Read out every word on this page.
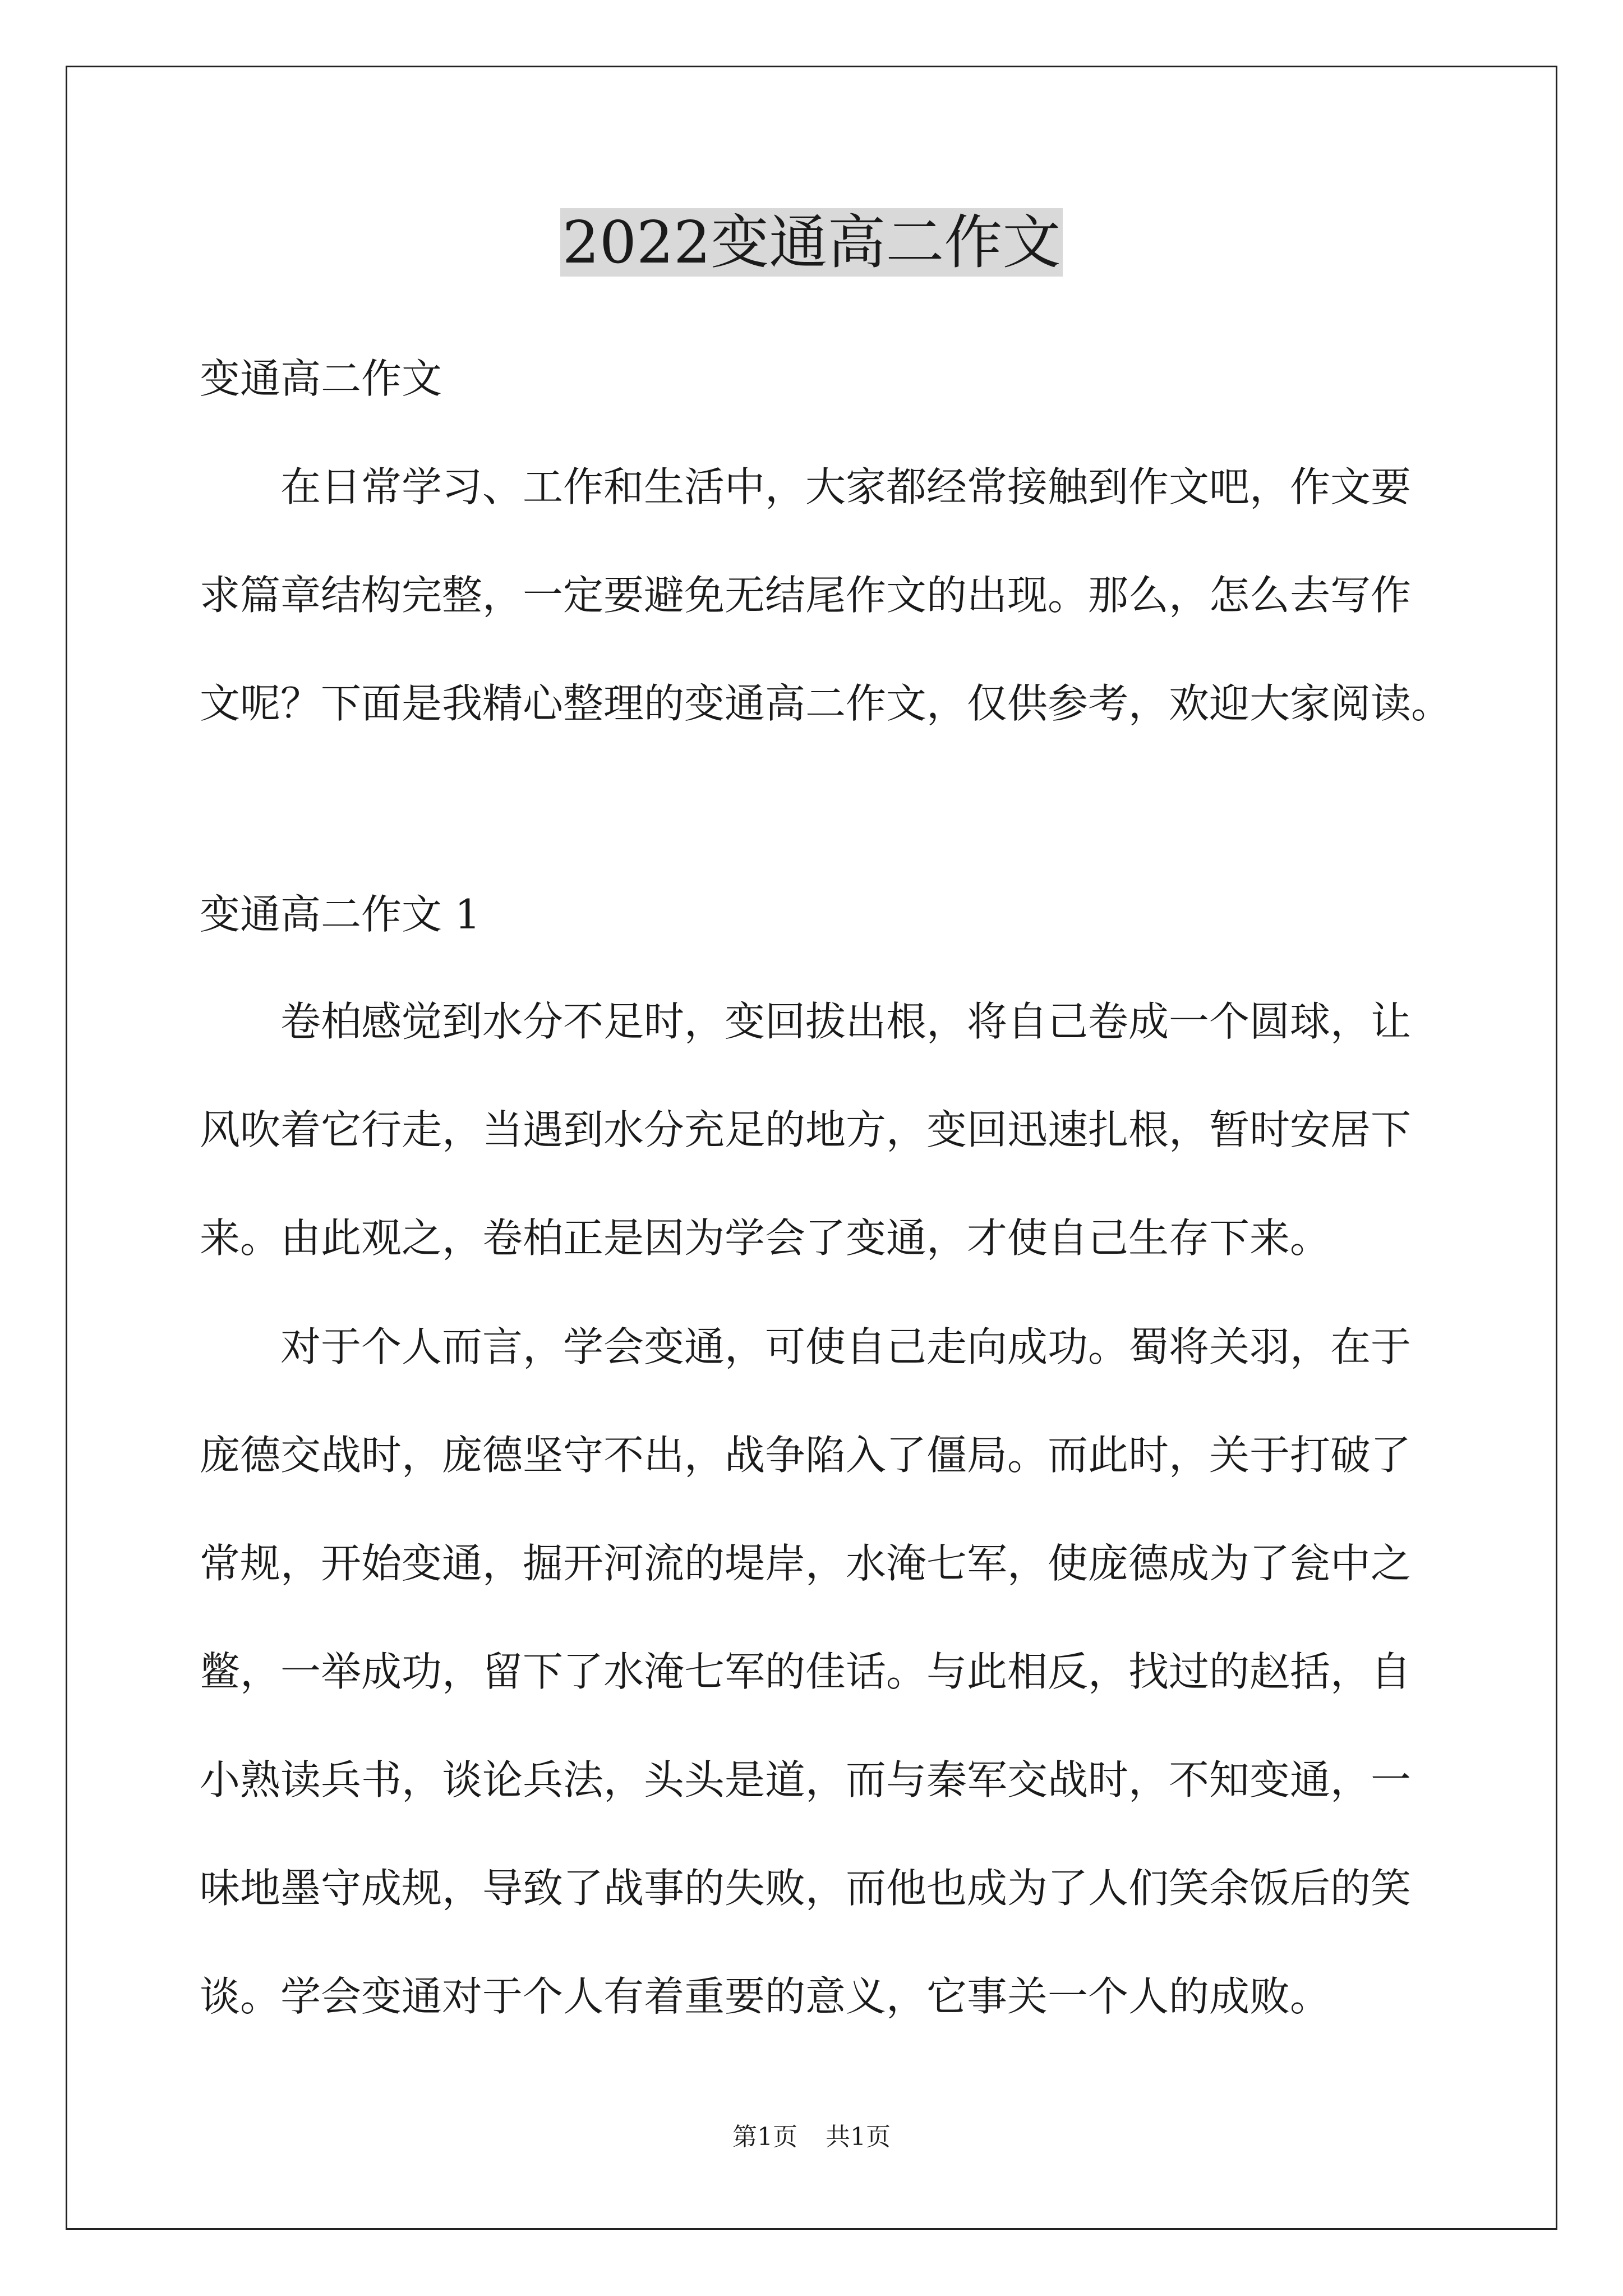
2022变通高二作文
变通高二作文
在日常学习、工作和生活中，大家都经常接触到作文吧，作文要
求篇章结构完整，一定要避免无结尾作文的出现。那么，怎么去写作
文呢？下面是我精心整理的变通高二作文，仅供参考，欢迎大家阅读。
变通高二作文 1
卷柏感觉到水分不足时，变回拔出根，将自己卷成一个圆球，让
风吹着它行走，当遇到水分充足的地方，变回迅速扎根，暂时安居下
来。由此观之，卷柏正是因为学会了变通，才使自己生存下来。
对于个人而言，学会变通，可使自己走向成功。蜀将关羽，在于
庞德交战时，庞德坚守不出，战争陷入了僵局。而此时，关于打破了
常规，开始变通，掘开河流的堤岸，水淹七军，使庞德成为了瓮中之
鳖，一举成功，留下了水淹七军的佳话。与此相反，找过的赵括，自
小熟读兵书，谈论兵法，头头是道，而与秦军交战时，不知变通，一
味地墨守成规，导致了战事的失败，而他也成为了人们笑余饭后的笑
谈。学会变通对于个人有着重要的意义，它事关一个人的成败。
第1页 共1页
